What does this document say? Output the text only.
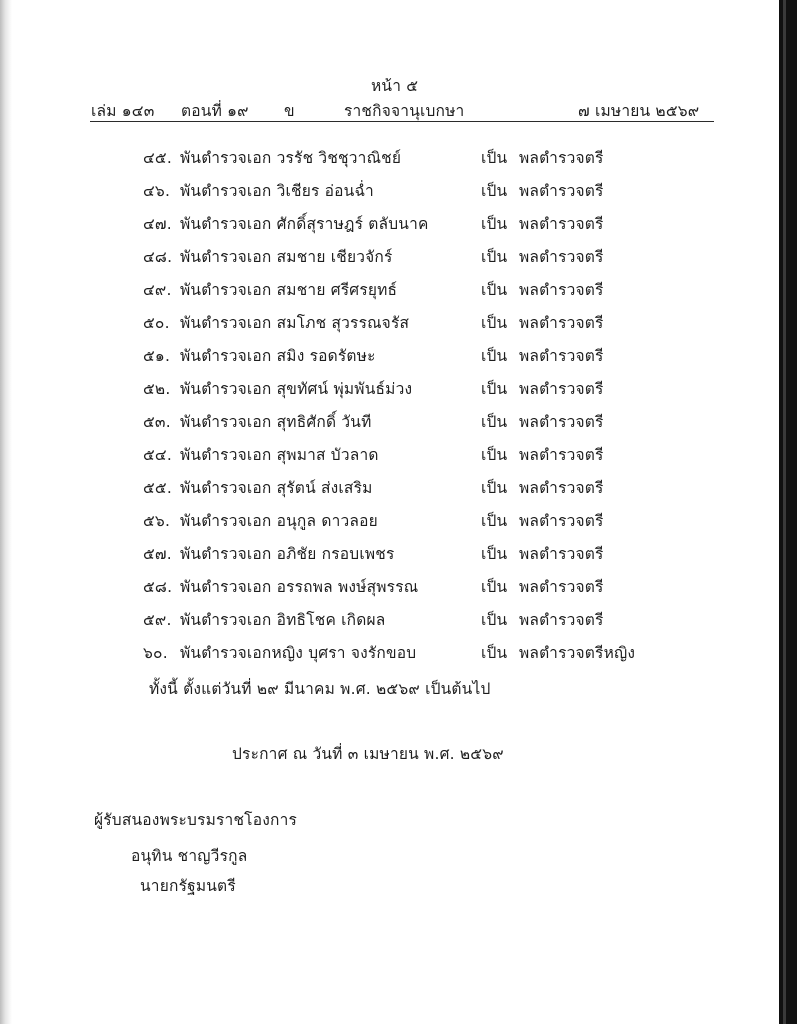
หน้า ๕
เล่ม ๑๔๓ ตอนที่ ๑๙ ข	ราชกิจจานุเบกษา	๗ เมษายน ๒๕๖๙
๔๕. พันตำรวจเอก วรรัช วิชชุวาณิชย์	เป็น พลตำรวจตรี
๔๖. พันตำรวจเอก วิเชียร อ่อนฉ่ำ	เป็น พลตำรวจตรี
๔๗. พันตำรวจเอก ศักดิ์สุราษฎร์ ตลับนาค	เป็น พลตำรวจตรี
๔๘. พันตำรวจเอก สมชาย เชียวจักร์	เป็น พลตำรวจตรี
๔๙. พันตำรวจเอก สมชาย ศรีศรยุทธ์	เป็น พลตำรวจตรี
๕๐. พันตำรวจเอก สมโภช สุวรรณจรัส	เป็น พลตำรวจตรี
๕๑. พันตำรวจเอก สมิง รอดรัตษะ	เป็น พลตำรวจตรี
๕๒. พันตำรวจเอก สุขทัศน์ พุ่มพันธ์ม่วง	เป็น พลตำรวจตรี
๕๓. พันตำรวจเอก สุทธิศักดิ์ วันที	เป็น พลตำรวจตรี
๕๔. พันตำรวจเอก สุพมาส บัวลาด	เป็น พลตำรวจตรี
๕๕. พันตำรวจเอก สุรัตน์ ส่งเสริม	เป็น พลตำรวจตรี
๕๖. พันตำรวจเอก อนุกูล ดาวลอย	เป็น พลตำรวจตรี
๕๗. พันตำรวจเอก อภิชัย กรอบเพชร	เป็น พลตำรวจตรี
๕๘. พันตำรวจเอก อรรถพล พงษ์สุพรรณ	เป็น พลตำรวจตรี
๕๙. พันตำรวจเอก อิทธิโชค เกิดผล	เป็น พลตำรวจตรี
๖๐. พันตำรวจเอกหญิง บุศรา จงรักขอบ	เป็น พลตำรวจตรีหญิง
ทั้งนี้ ตั้งแต่วันที่ ๒๙ มีนาคม พ.ศ. ๒๕๖๙ เป็นต้นไป
ประกาศ ณ วันที่ ๓ เมษายน พ.ศ. ๒๕๖๙
ผู้รับสนองพระบรมราชโองการ
อนุทิน ชาญวีรกูล
นายกรัฐมนตรี
